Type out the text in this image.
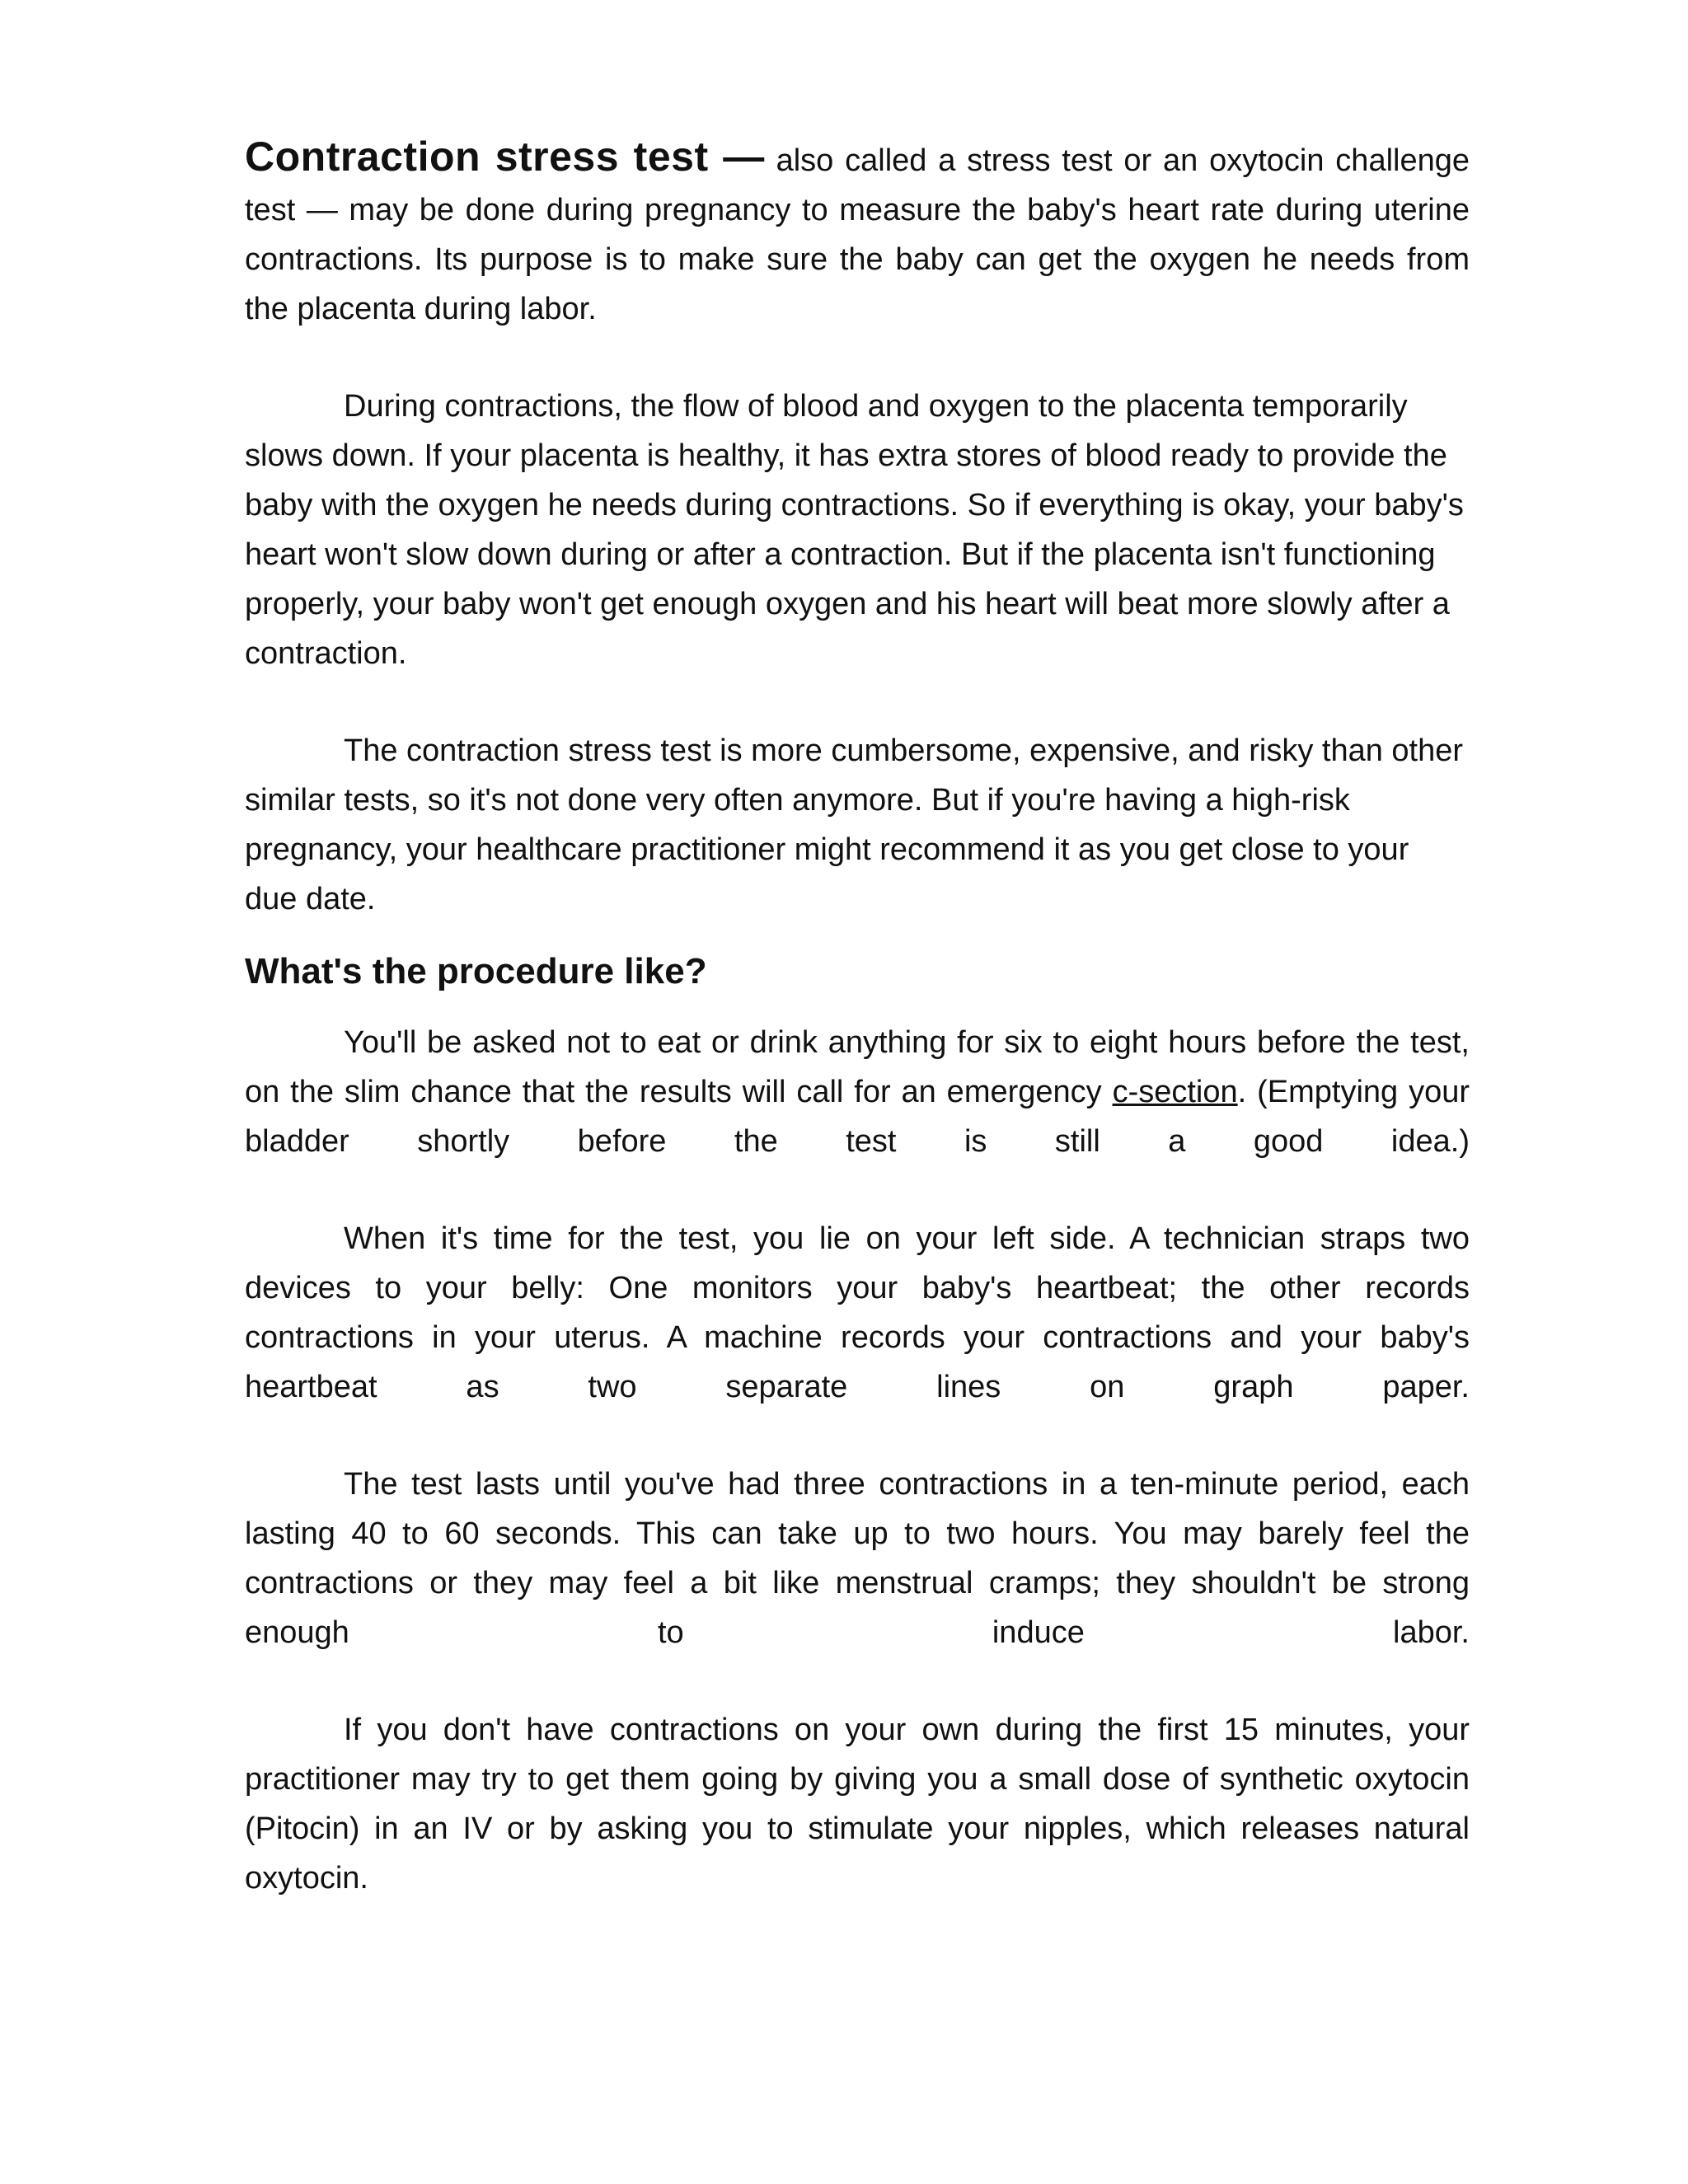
Contraction stress test — also called a stress test or an oxytocin challenge test — may be done during pregnancy to measure the baby's heart rate during uterine contractions. Its purpose is to make sure the baby can get the oxygen he needs from the placenta during labor.

During contractions, the flow of blood and oxygen to the placenta temporarily slows down. If your placenta is healthy, it has extra stores of blood ready to provide the baby with the oxygen he needs during contractions. So if everything is okay, your baby's heart won't slow down during or after a contraction. But if the placenta isn't functioning properly, your baby won't get enough oxygen and his heart will beat more slowly after a contraction.

The contraction stress test is more cumbersome, expensive, and risky than other similar tests, so it's not done very often anymore. But if you're having a high-risk pregnancy, your healthcare practitioner might recommend it as you get close to your due date.

What's the procedure like?

You'll be asked not to eat or drink anything for six to eight hours before the test, on the slim chance that the results will call for an emergency c-section. (Emptying your bladder shortly before the test is still a good idea.)

When it's time for the test, you lie on your left side. A technician straps two devices to your belly: One monitors your baby's heartbeat; the other records contractions in your uterus. A machine records your contractions and your baby's heartbeat as two separate lines on graph paper.

The test lasts until you've had three contractions in a ten-minute period, each lasting 40 to 60 seconds. This can take up to two hours. You may barely feel the contractions or they may feel a bit like menstrual cramps; they shouldn't be strong enough to induce labor.

If you don't have contractions on your own during the first 15 minutes, your practitioner may try to get them going by giving you a small dose of synthetic oxytocin (Pitocin) in an IV or by asking you to stimulate your nipples, which releases natural oxytocin.
